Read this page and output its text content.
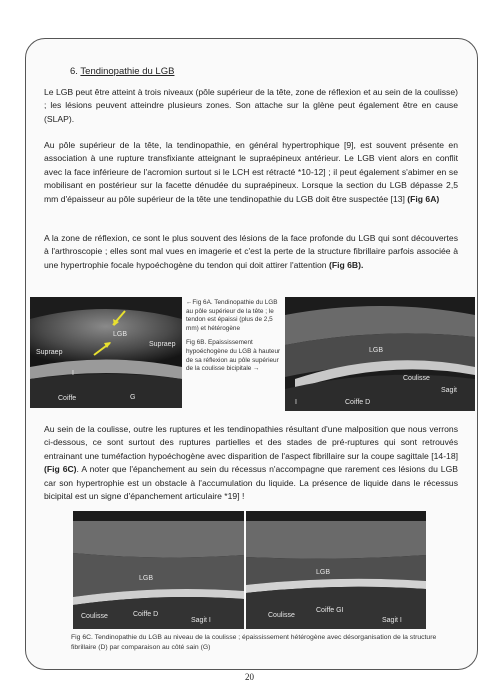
6. Tendinopathie du LGB

Le LGB peut être atteint à trois niveaux (pôle supérieur de la tête, zone de réflexion et au sein de la coulisse) ; les lésions peuvent atteindre plusieurs zones. Son attache sur la glène peut également être en cause (SLAP).

Au pôle supérieur de la tête, la tendinopathie, en général hypertrophique [9], est souvent présente en association à une rupture transfixiante atteignant le supraépineux antérieur. Le LGB vient alors en conflit avec la face inférieure de l'acromion surtout si le LCH est rétracté *10-12] ; il peut également s'abimer en se mobilisant en postérieur sur la facette dénudée du supraépineux. Lorsque la section du LGB dépasse 2,5 mm d'épaisseur au pôle supérieur de la tête une tendinopathie du LGB doit être suspectée [13] (Fig 6A)

A la zone de réflexion, ce sont le plus souvent des lésions de la face profonde du LGB qui sont découvertes à l'arthroscopie ; elles sont mal vues en imagerie et c'est la perte de la structure fibrillaire parfois associée à une hypertrophie focale hypoéchogène du tendon qui doit attirer l'attention (Fig 6B).

LGB
Supraep
Supraep
I
Coiffe	G

←Fig 6A. Tendinopathie du LGB au pôle supérieur de la tête ; le tendon est épaissi (plus de 2,5 mm) et hétérogène
Fig 6B. Epaississement hypoéchogène du LGB à hauteur de sa réflexion au pôle supérieur de la coulisse bicipitale →

LGB
Coulisse
Sagit
I	Coiffe D

Au sein de la coulisse, outre les ruptures et les tendinopathies résultant d'une malposition que nous verrons ci-dessous, ce sont surtout des ruptures partielles et des stades de pré-ruptures qui sont retrouvés entrainant une tuméfaction hypoéchogène avec disparition de l'aspect fibrillaire sur la coupe sagittale [14-18] (Fig 6C). A noter que l'épanchement au sein du récessus n'accompagne que rarement ces lésions du LGB car son hypertrophie est un obstacle à l'accumulation du liquide. La présence de liquide dans le récessus bicipital est un signe d'épanchement articulaire *19] !

LGB
Coulisse	Coiffe D
Sagit I
LGB
Coulisse
Coiffe GI
Sagit I
Fig 6C. Tendinopathie du LGB au niveau de la coulisse ; épaississement hétérogène avec désorganisation de la structure fibrillaire (D) par comparaison au côté sain (G)
20
